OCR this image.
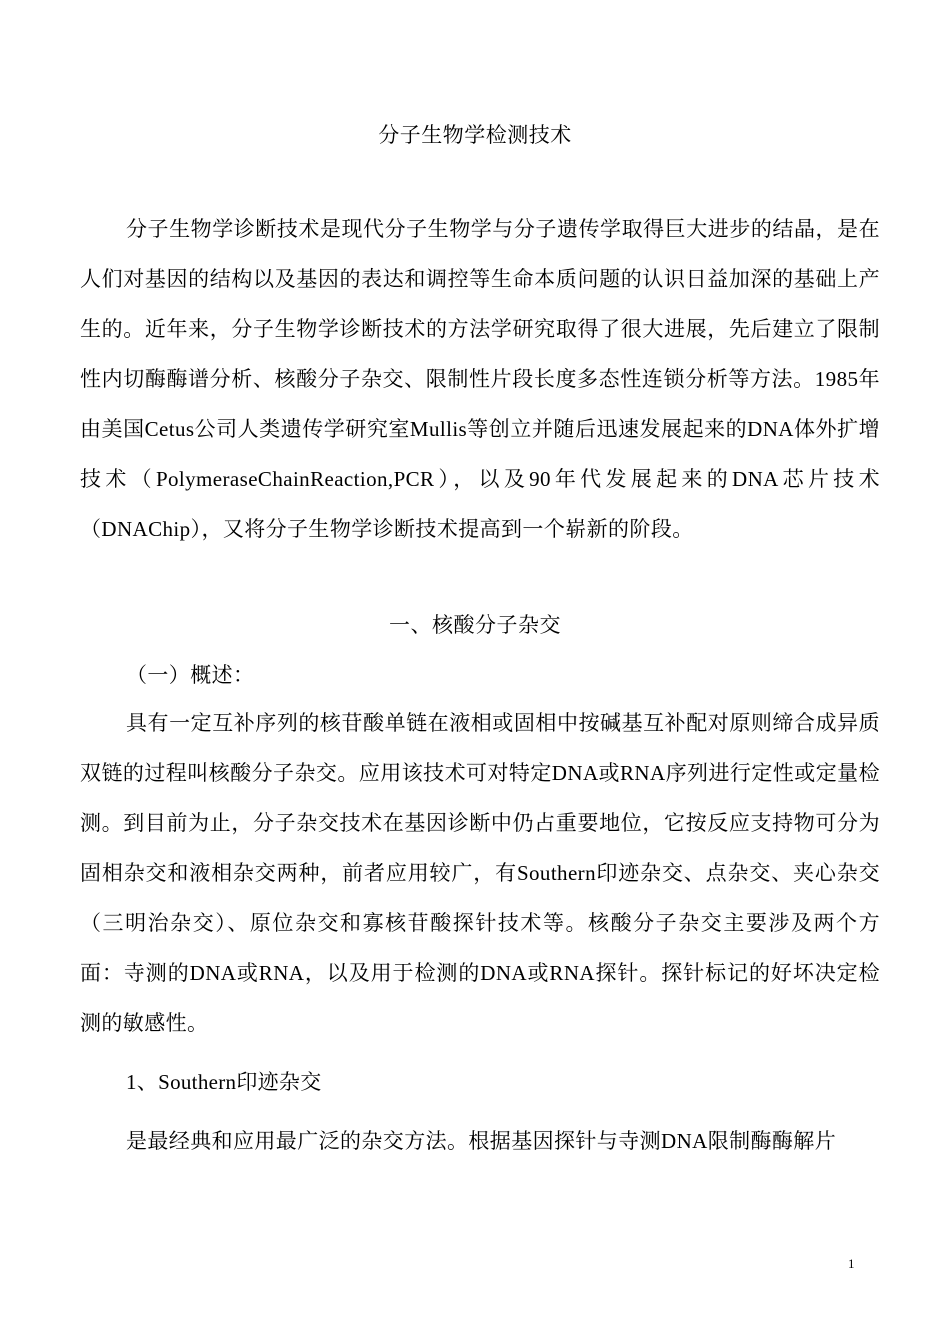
分子生物学检测技术
分子生物学诊断技术是现代分子生物学与分子遗传学取得巨大进步的结晶，是在人们对基因的结构以及基因的表达和调控等生命本质问题的认识日益加深的基础上产生的。近年来，分子生物学诊断技术的方法学研究取得了很大进展，先后建立了限制性内切酶酶谱分析、核酸分子杂交、限制性片段长度多态性连锁分析等方法。1985年由美国Cetus公司人类遗传学研究室Mullis等创立并随后迅速发展起来的DNA体外扩增技术（PolymeraseChainReaction,PCR），以及90年代发展起来的DNA芯片技术（DNAChip），又将分子生物学诊断技术提高到一个崭新的阶段。
一、核酸分子杂交
（一）概述：
具有一定互补序列的核苷酸单链在液相或固相中按碱基互补配对原则缔合成异质双链的过程叫核酸分子杂交。应用该技术可对特定DNA或RNA序列进行定性或定量检测。到目前为止，分子杂交技术在基因诊断中仍占重要地位，它按反应支持物可分为固相杂交和液相杂交两种，前者应用较广，有Southern印迹杂交、点杂交、夹心杂交（三明治杂交）、原位杂交和寡核苷酸探针技术等。核酸分子杂交主要涉及两个方面：寺测的DNA或RNA，以及用于检测的DNA或RNA探针。探针标记的好坏决定检测的敏感性。
1、Southern印迹杂交
是最经典和应用最广泛的杂交方法。根据基因探针与寺测DNA限制酶酶解片
1
